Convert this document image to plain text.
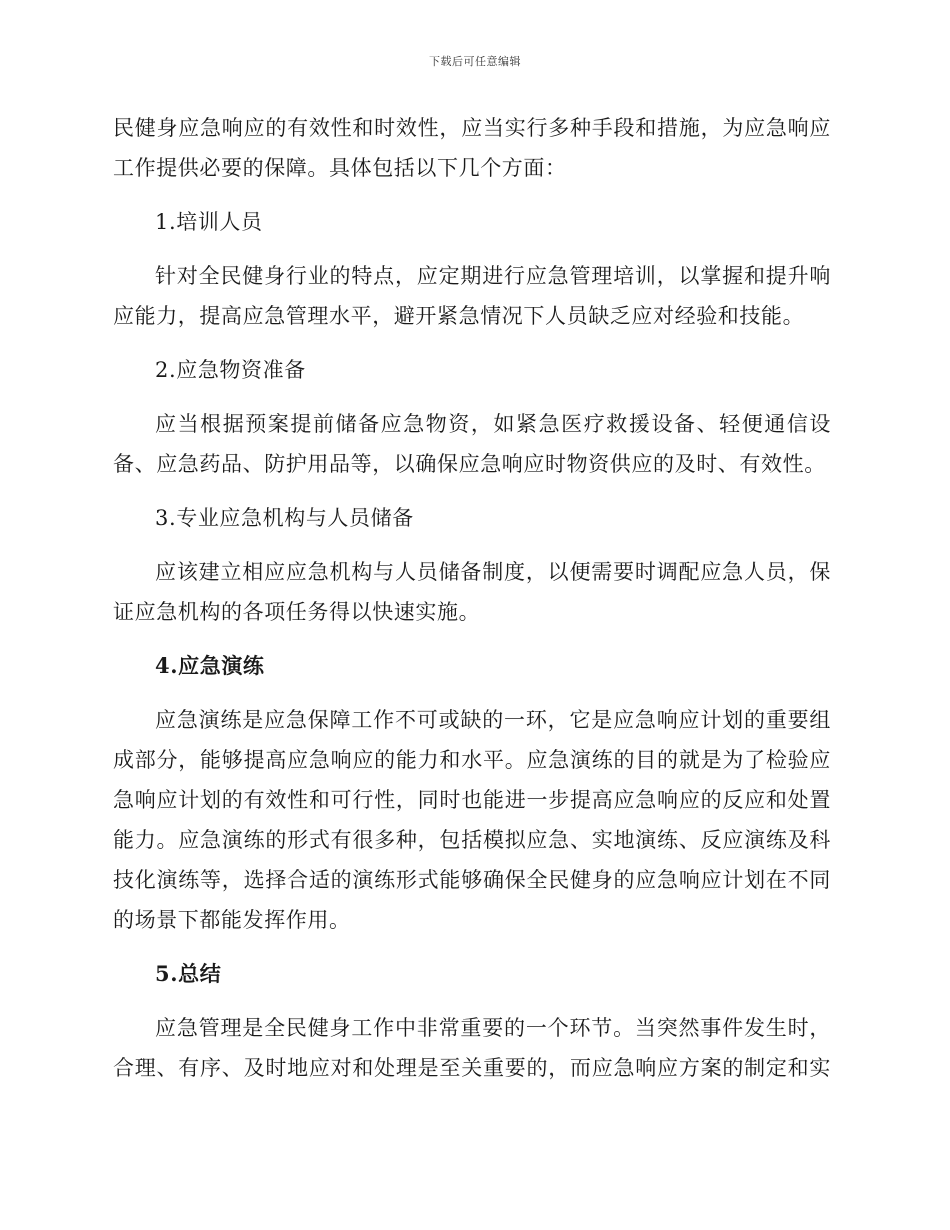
下载后可任意编辑
民健身应急响应的有效性和时效性，应当实行多种手段和措施，为应急响应
工作提供必要的保障。具体包括以下几个方面：
1.培训人员
针对全民健身行业的特点，应定期进行应急管理培训，以掌握和提升响
应能力，提高应急管理水平，避开紧急情况下人员缺乏应对经验和技能。
2.应急物资准备
应当根据预案提前储备应急物资，如紧急医疗救援设备、轻便通信设
备、应急药品、防护用品等，以确保应急响应时物资供应的及时、有效性。
3.专业应急机构与人员储备
应该建立相应应急机构与人员储备制度，以便需要时调配应急人员，保
证应急机构的各项任务得以快速实施。
4.应急演练
应急演练是应急保障工作不可或缺的一环，它是应急响应计划的重要组
成部分，能够提高应急响应的能力和水平。应急演练的目的就是为了检验应
急响应计划的有效性和可行性，同时也能进一步提高应急响应的反应和处置
能力。应急演练的形式有很多种，包括模拟应急、实地演练、反应演练及科
技化演练等，选择合适的演练形式能够确保全民健身的应急响应计划在不同
的场景下都能发挥作用。
5.总结
应急管理是全民健身工作中非常重要的一个环节。当突然事件发生时，
合理、有序、及时地应对和处理是至关重要的，而应急响应方案的制定和实
